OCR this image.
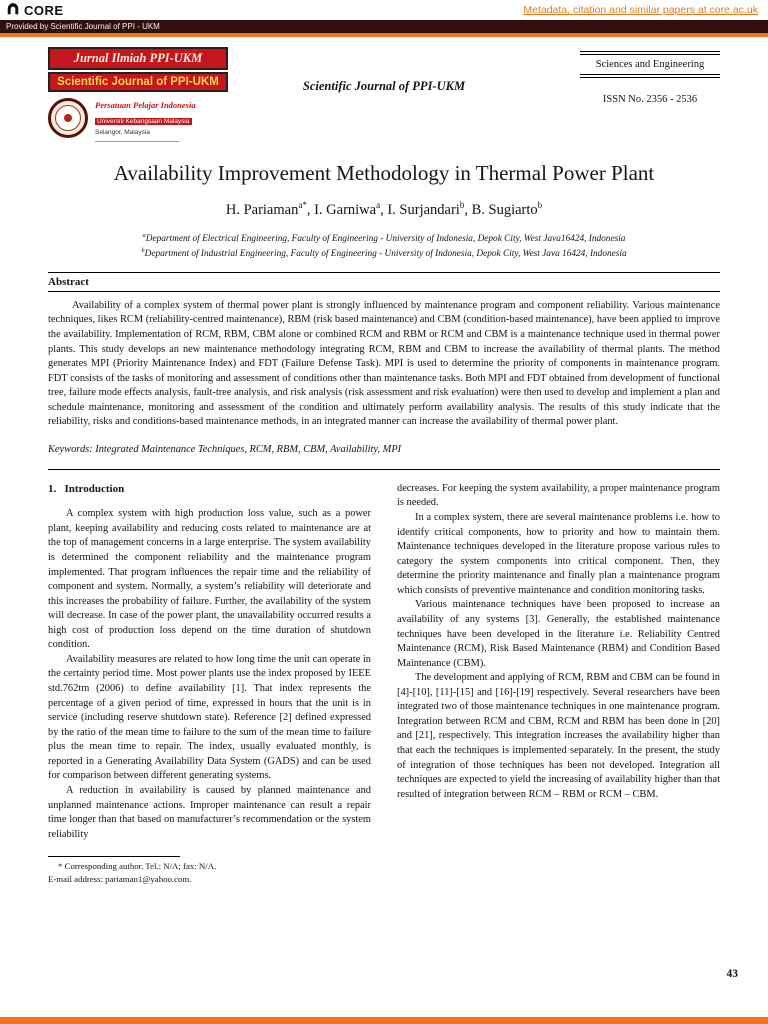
CORE	Metadata, citation and similar papers at core.ac.uk
Provided by Scientific Journal of PPI - UKM
Jurnal Ilmiah PPI-UKM
Scientific Journal of PPI-UKM
Persatuan Pelajar Indonesia
Universiti Kebangsaan Malaysia
Selangor, Malaysia
Scientific Journal of PPI-UKM
Sciences and Engineering
ISSN No. 2356 - 2536
Availability Improvement Methodology in Thermal Power Plant
H. Pariaman$^{a*}$, I. Garniwa$^a$, I. Surjandari$^b$, B. Sugiarto$^b$
$^a$Department of Electrical Engineering, Faculty of Engineering - University of Indonesia, Depok City, West Java16424, Indonesia
$^b$Department of Industrial Engineering, Faculty of Engineering - University of Indonesia, Depok City, West Java 16424, Indonesia
Abstract

Availability of a complex system of thermal power plant is strongly influenced by maintenance program and component reliability. Various maintenance techniques, likes RCM (reliability-centred maintenance), RBM (risk based maintenance) and CBM (condition-based maintenance), have been applied to improve the availability. Implementation of RCM, RBM, CBM alone or combined RCM and RBM or RCM and CBM is a maintenance technique used in thermal power plants. This study develops an new maintenance methodology integrating RCM, RBM and CBM to increase the availability of thermal plants. The method generates MPI (Priority Maintenance Index) and FDT (Failure Defense Task). MPI is used to determine the priority of components in maintenance program. FDT consists of the tasks of monitoring and assessment of conditions other than maintenance tasks. Both MPI and FDT obtained from development of functional tree, failure mode effects analysis, fault-tree analysis, and risk analysis (risk assessment and risk evaluation) were then used to develop and implement a plan and schedule maintenance, monitoring and assessment of the condition and ultimately perform availability analysis. The results of this study indicate that the reliability, risks and conditions-based maintenance methods, in an integrated manner can increase the availability of thermal power plant.

Keywords: Integrated Maintenance Techniques, RCM, RBM, CBM, Availability, MPI

1.   Introduction

A complex system with high production loss value, such as a power plant, keeping availability and reducing costs related to maintenance are at the top of management concerns in a large enterprise. The system availability is determined the component reliability and the maintenance program implemented. That program influences the repair time and the reliability of component and system. Normally, a system’s reliability will deteriorate and this increases the probability of failure. Further, the availability of the system will decrease. In case of the power plant, the unavailability occurred results a high cost of production loss depend on the time duration of shutdown condition.

Availability measures are related to how long time the unit can operate in the certainty period time. Most power plants use the index proposed by IEEE std.762tm (2006) to define availability [1]. That index represents the percentage of a given period of time, expressed in hours that the unit is in service (including reserve shutdown state). Reference [2] defined expressed by the ratio of the mean time to failure to the sum of the mean time to failure plus the mean time to repair. The index, usually evaluated monthly, is reported in a Generating Availability Data System (GADS) and can be used for comparison between different generating systems.

A reduction in availability is caused by planned maintenance and unplanned maintenance actions. Improper maintenance can result a repair time longer than that based on manufacturer’s recommendation or the system reliability

decreases. For keeping the system availability, a proper maintenance program is needed.

In a complex system, there are several maintenance problems i.e. how to identify critical components, how to priority and how to maintain them. Maintenance techniques developed in the literature propose various rules to category the system components into critical component. Then, they determine the priority maintenance and finally plan a maintenance program which consists of preventive maintenance and condition monitoring tasks.

Various maintenance techniques have been proposed to increase an availability of any systems [3]. Generally, the established maintenance techniques have been developed in the literature i.e. Reliability Centred Maintenance (RCM), Risk Based Maintenance (RBM) and Condition Based Maintenance (CBM).

The development and applying of RCM, RBM and CBM can be found in [4]-[10], [11]-[15] and [16]-[19] respectively. Several researchers have been integrated two of those maintenance techniques in one maintenance program. Integration between RCM and CBM, RCM and RBM has been done in [20] and [21], respectively. This integration increases the availability higher than that each the techniques is implemented separately. In the present, the study of integration of those techniques has been not developed. Integration all techniques are expected to yield the increasing of availability higher than that resulted of integration between RCM – RBM or RCM – CBM.

* Corresponding author. Tel.: N/A; fax: N/A.
E-mail address: pariaman1@yahoo.com.
43
